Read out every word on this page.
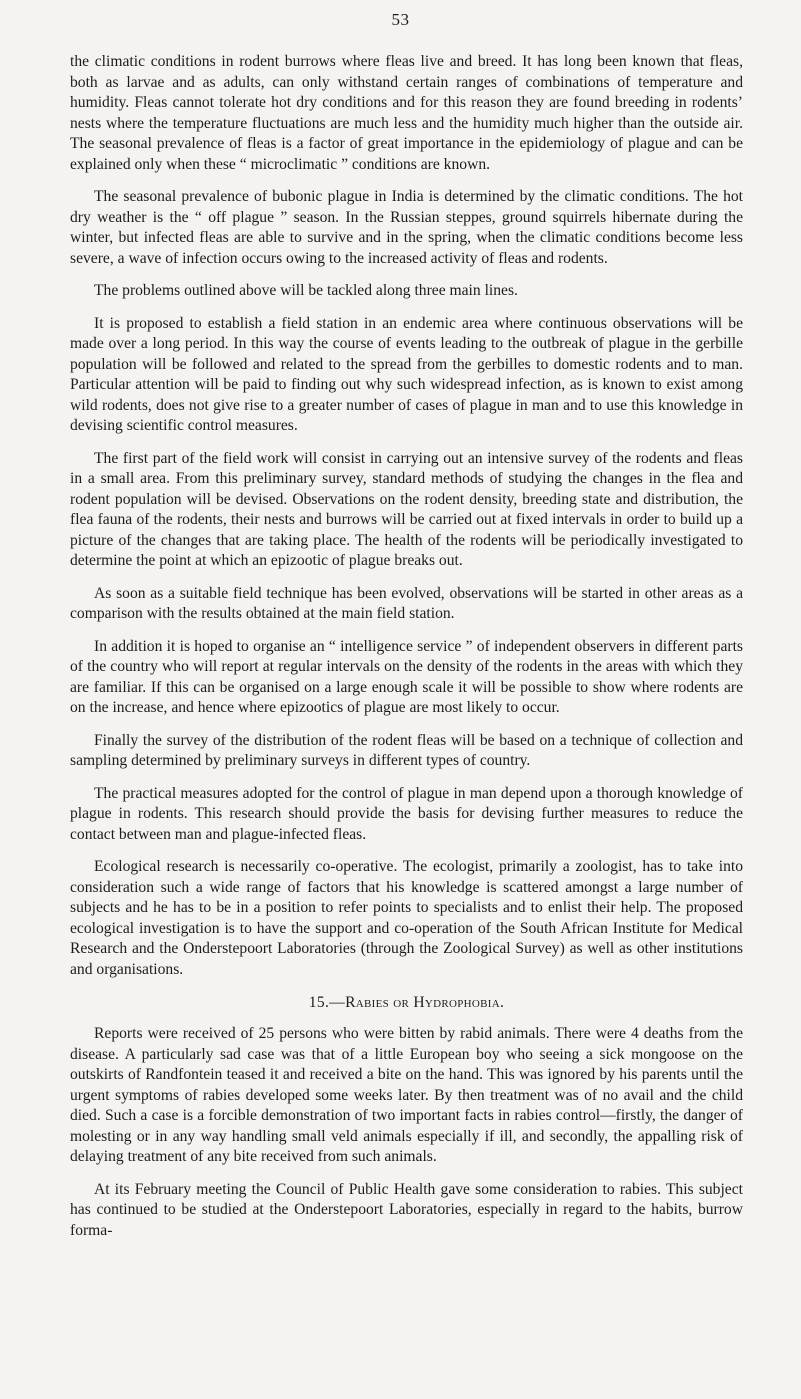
53

the climatic conditions in rodent burrows where fleas live and breed. It has long been known that fleas, both as larvae and as adults, can only withstand certain ranges of combinations of temperature and humidity. Fleas cannot tolerate hot dry conditions and for this reason they are found breeding in rodents’ nests where the temperature fluctuations are much less and the humidity much higher than the outside air. The seasonal prevalence of fleas is a factor of great importance in the epidemiology of plague and can be explained only when these “ microclimatic ” conditions are known.

The seasonal prevalence of bubonic plague in India is determined by the climatic conditions. The hot dry weather is the “ off plague ” season. In the Russian steppes, ground squirrels hibernate during the winter, but infected fleas are able to survive and in the spring, when the climatic conditions become less severe, a wave of infection occurs owing to the increased activity of fleas and rodents.

The problems outlined above will be tackled along three main lines.

It is proposed to establish a field station in an endemic area where continuous observations will be made over a long period. In this way the course of events leading to the outbreak of plague in the gerbille population will be followed and related to the spread from the gerbilles to domestic rodents and to man. Particular attention will be paid to finding out why such widespread infection, as is known to exist among wild rodents, does not give rise to a greater number of cases of plague in man and to use this knowledge in devising scientific control measures.

The first part of the field work will consist in carrying out an intensive survey of the rodents and fleas in a small area. From this preliminary survey, standard methods of studying the changes in the flea and rodent population will be devised. Observations on the rodent density, breeding state and distribution, the flea fauna of the rodents, their nests and burrows will be carried out at fixed intervals in order to build up a picture of the changes that are taking place. The health of the rodents will be periodically investigated to determine the point at which an epizootic of plague breaks out.

As soon as a suitable field technique has been evolved, observations will be started in other areas as a comparison with the results obtained at the main field station.

In addition it is hoped to organise an “ intelligence service ” of independent observers in different parts of the country who will report at regular intervals on the density of the rodents in the areas with which they are familiar. If this can be organised on a large enough scale it will be possible to show where rodents are on the increase, and hence where epizootics of plague are most likely to occur.

Finally the survey of the distribution of the rodent fleas will be based on a technique of collection and sampling determined by preliminary surveys in different types of country.

The practical measures adopted for the control of plague in man depend upon a thorough knowledge of plague in rodents. This research should provide the basis for devising further measures to reduce the contact between man and plague-infected fleas.

Ecological research is necessarily co-operative. The ecologist, primarily a zoologist, has to take into consideration such a wide range of factors that his knowledge is scattered amongst a large number of subjects and he has to be in a position to refer points to specialists and to enlist their help. The proposed ecological investigation is to have the support and co-operation of the South African Institute for Medical Research and the Onderstepoort Laboratories (through the Zoological Survey) as well as other institutions and organisations.

15.—Rabies or Hydrophobia.

Reports were received of 25 persons who were bitten by rabid animals. There were 4 deaths from the disease. A particularly sad case was that of a little European boy who seeing a sick mongoose on the outskirts of Randfontein teased it and received a bite on the hand. This was ignored by his parents until the urgent symptoms of rabies developed some weeks later. By then treatment was of no avail and the child died. Such a case is a forcible demonstration of two important facts in rabies control—firstly, the danger of molesting or in any way handling small veld animals especially if ill, and secondly, the appalling risk of delaying treatment of any bite received from such animals.

At its February meeting the Council of Public Health gave some consideration to rabies. This subject has continued to be studied at the Onderstepoort Laboratories, especially in regard to the habits, burrow forma-
